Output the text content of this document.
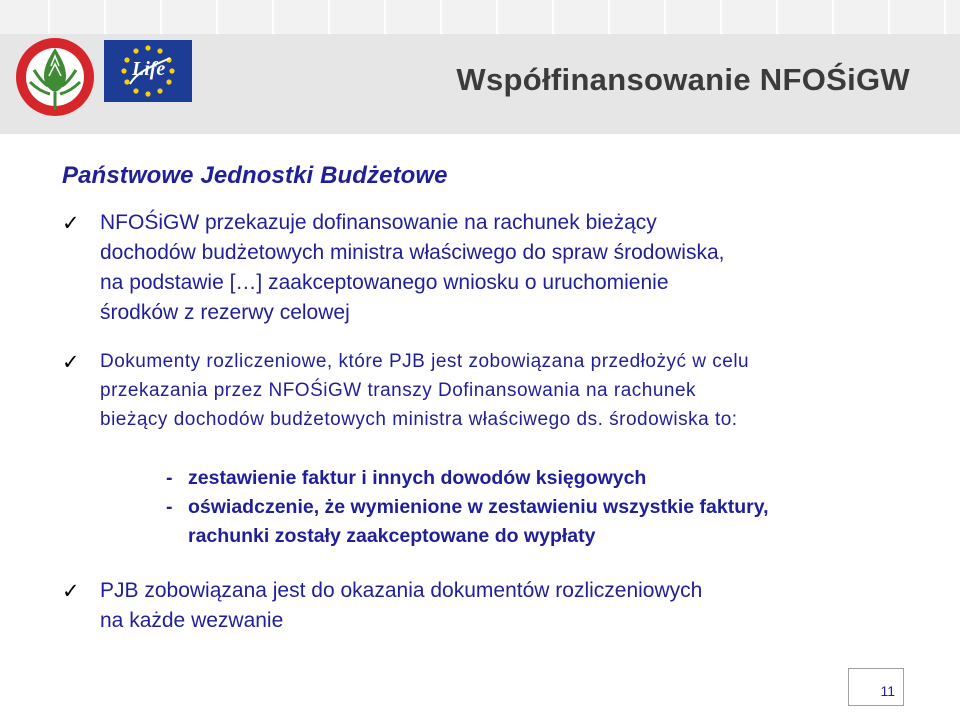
Life	Współfinansowanie NFOŚiGW
Państwowe Jednostki Budżetowe
✓ NFOŚiGW przekazuje dofinansowanie na rachunek bieżący
dochodów budżetowych ministra właściwego do spraw środowiska,
na podstawie […] zaakceptowanego wniosku o uruchomienie
środków z rezerwy celowej
✓	Dokumenty rozliczeniowe, które PJB jest zobowiązana przedłożyć w celu
przekazania przez NFOŚiGW transzy Dofinansowania na rachunek
bieżący dochodów budżetowych ministra właściwego ds. środowiska to:
- zestawienie faktur i innych dowodów księgowych
- oświadczenie, że wymienione w zestawieniu wszystkie faktury,
rachunki zostały zaakceptowane do wypłaty
✓ PJB zobowiązana jest do okazania dokumentów rozliczeniowych
na każde wezwanie
11
